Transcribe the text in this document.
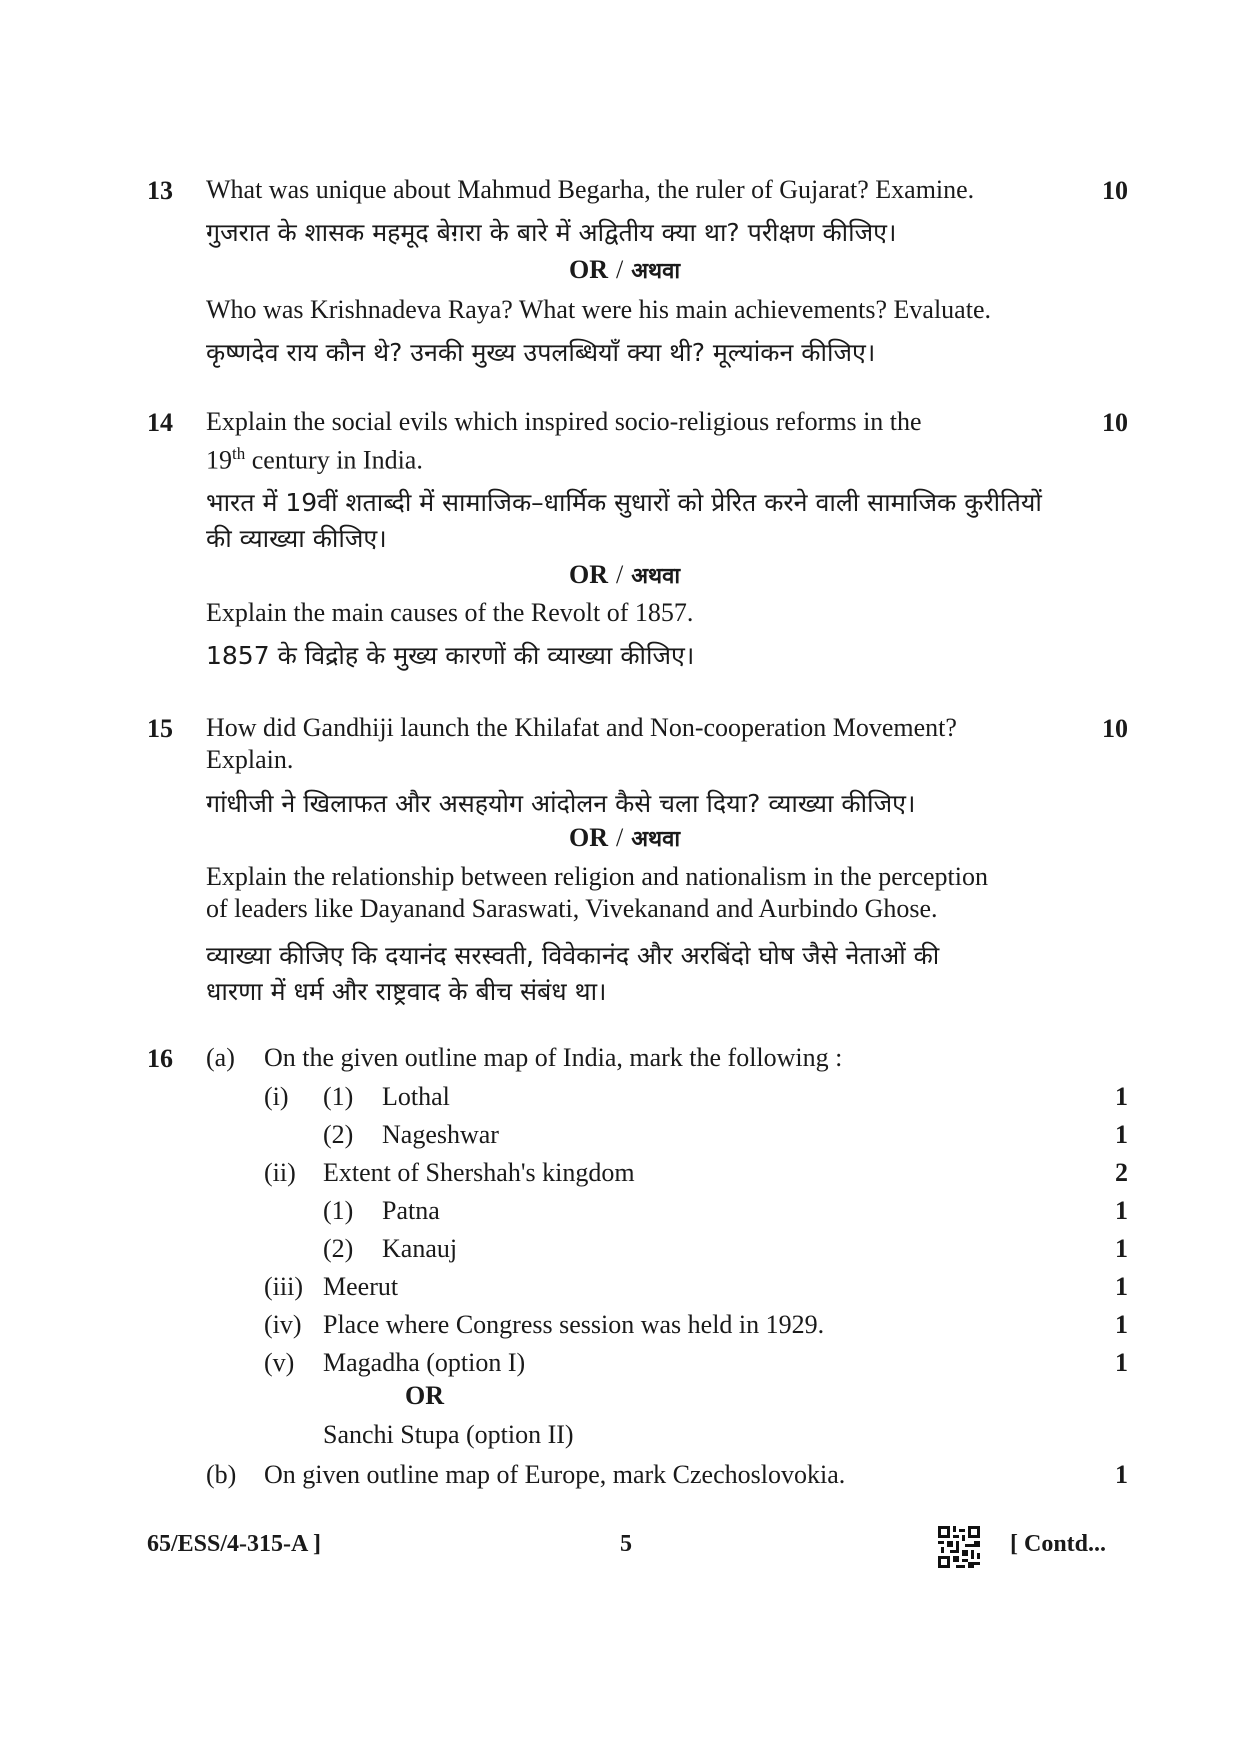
13 What was unique about Mahmud Begarha, the ruler of Gujarat? Examine.	10
गुजरात के शासक महमूद बेग़रा के बारे में अद्वितीय क्या था? परीक्षण कीजिए।
OR / अथवा
Who was Krishnadeva Raya? What were his main achievements? Evaluate.
कृष्णदेव राय कौन थे? उनकी मुख्य उपलब्धियाँ क्या थी? मूल्यांकन कीजिए।
14 Explain the social evils which inspired socio-religious reforms in the	10
19th century in India.
भारत में 19वीं शताब्दी में सामाजिक–धार्मिक सुधारों को प्रेरित करने वाली सामाजिक कुरीतियों
की व्याख्या कीजिए।
OR / अथवा
Explain the main causes of the Revolt of 1857.
1857 के विद्रोह के मुख्य कारणों की व्याख्या कीजिए।
15 How did Gandhiji launch the Khilafat and Non-cooperation Movement?	10
Explain.
गांधीजी ने खिलाफत और असहयोग आंदोलन कैसे चला दिया? व्याख्या कीजिए।
OR / अथवा
Explain the relationship between religion and nationalism in the perception
of leaders like Dayanand Saraswati, Vivekanand and Aurbindo Ghose.
व्याख्या कीजिए कि दयानंद सरस्वती, विवेकानंद और अरबिंदो घोष जैसे नेताओं की
धारणा में धर्म और राष्ट्रवाद के बीच संबंध था।
16 (a) On the given outline map of India, mark the following :
(i) (1) Lothal	1
(2) Nageshwar	1
(ii) Extent of Shershah's kingdom	2
(1) Patna	1
(2) Kanauj	1
(iii) Meerut	1
(iv) Place where Congress session was held in 1929.	1
(v) Magadha (option I)	1
OR
Sanchi Stupa (option II)
(b) On given outline map of Europe, mark Czechoslovokia.	1
65/ESS/4-315-A ]	5	[ Contd...
